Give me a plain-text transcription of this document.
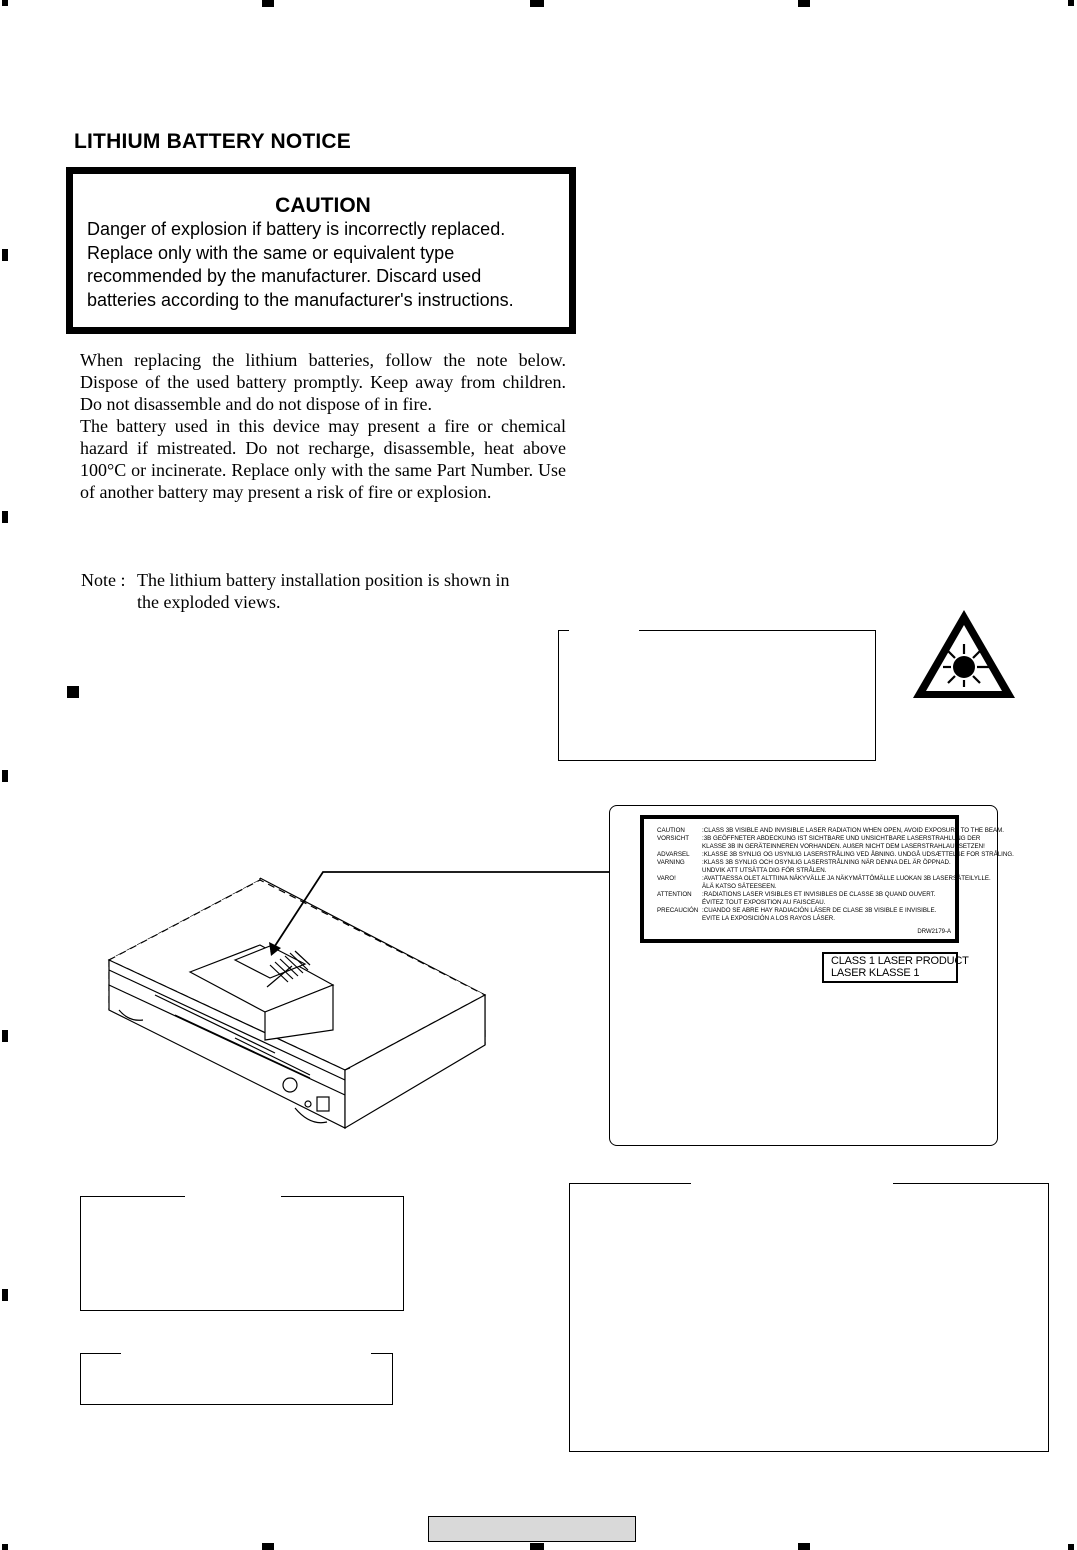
LITHIUM BATTERY NOTICE
CAUTION
Danger of explosion if battery is incorrectly replaced.
Replace only with the same or equivalent type
recommended by the manufacturer. Discard used
batteries according to the manufacturer's instructions.

When replacing the lithium batteries, follow the note below. Dispose of the used battery promptly. Keep away from children. Do not disassemble and do not dispose of in fire.

The battery used in this device may present a fire or chemical hazard if mistreated. Do not recharge, disassemble, heat above 100°C or incinerate. Replace only with the same Part Number. Use of another battery may present a risk of fire or explosion.

Note : The lithium battery installation position is shown in
the exploded views.
CAUTION	:CLASS 3B VISIBLE AND INVISIBLE LASER RADIATION WHEN OPEN, AVOID EXPOSURE TO THE BEAM.
VORSICHT	:3B GEÖFFNETER ABDECKUNG IST SICHTBARE UND UNSICHTBARE LASERSTRAHLUNG DER
KLASSE 3B IN GERÄTEINNEREN VORHANDEN. AUßER NICHT DEM LASERSTRAHLAUSSETZEN!
ADVARSEL	:KLASSE 3B SYNLIG OG USYNLIG LASERSTRÅLING VED ÅBNING. UNDGÅ UDSÆTTELSE FOR STRÅLING.
VARNING	:KLASS 3B SYNLIG OCH OSYNLIG LASERSTRÅLNING NÄR DENNA DEL ÄR ÖPPNAD.
UNDVIK ATT UTSÄTTA DIG FÖR STRÅLEN.
VARO!	:AVATTAESSA OLET ALTTIINA NÄKYVÄLLE JA NÄKYMÄTTÖMÄLLE LUOKAN 3B LASERSÄTEILYLLE.
ÄLÄ KATSO SÄTEESEEN.
ATTENTION	:RADIATIONS LASER VISIBLES ET INVISIBLES DE CLASSE 3B QUAND OUVERT.
ÉVITEZ TOUT EXPOSITION AU FAISCEAU.
PRECAUCIÓN :CUANDO SE ABRE HAY RADIACIÓN LÁSER DE CLASE 3B VISIBLE E INVISIBLE.
EVITE LA EXPOSICIÓN A LOS RAYOS LÁSER.
DRW2179-A
CLASS 1 LASER PRODUCT
LASER KLASSE 1
